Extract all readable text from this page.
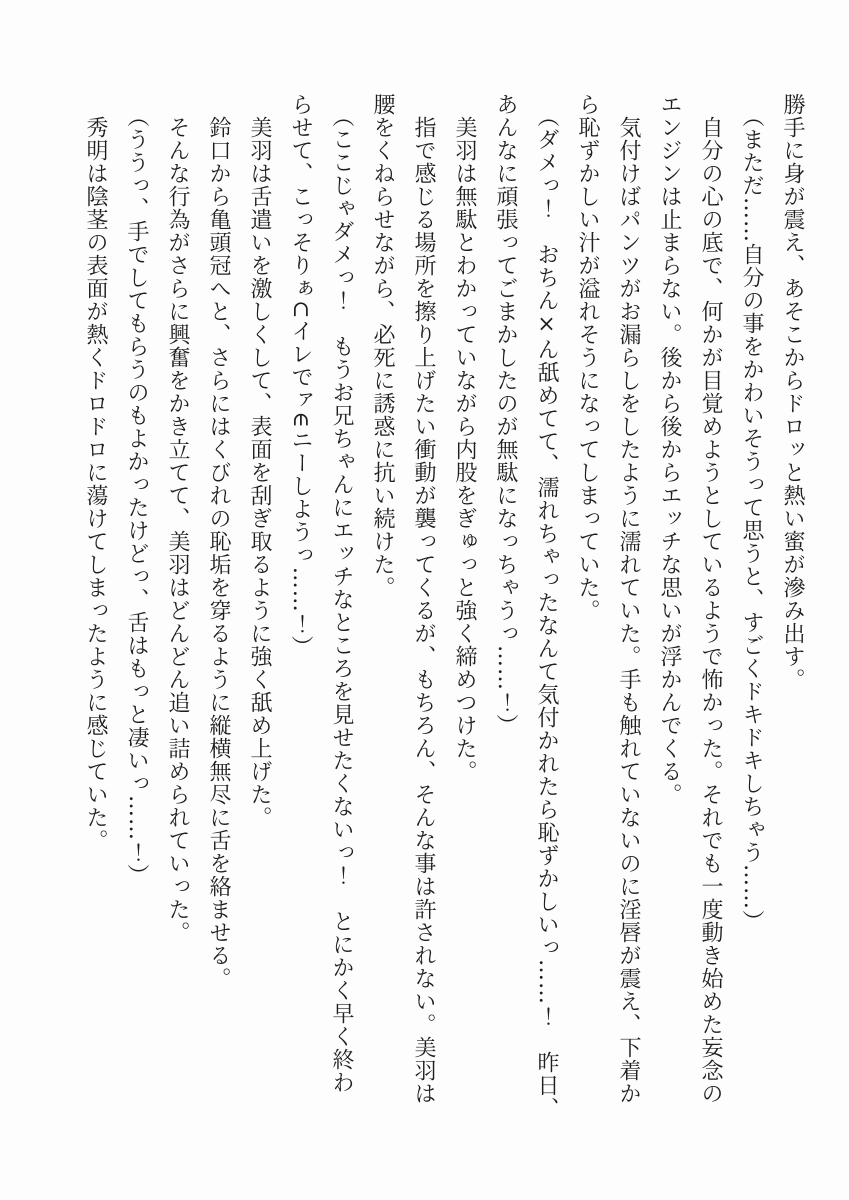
勝手に身が震え、あそこからドロッと熱い蜜が滲み出す。

　（まただ……自分の事をかわいそうって思うと、すごくドキドキしちゃう……）

　自分の心の底で、何かが目覚めようとしているようで怖かった。それでも一度動き始めた妄念の

エンジンは止まらない。後から後からエッチな思いが浮かんでくる。

　気付けばパンツがお漏らしをしたように濡れていた。手も触れていないのに淫唇が震え、下着か

ら恥ずかしい汁が溢れそうになってしまっていた。

　（ダメっ！　おちん×ん舐めてて、濡れちゃったなんて気付かれたら恥ずかしいっ……！　昨日、

あんなに頑張ってごまかしたのが無駄になっちゃうっ……！）

　美羽は無駄とわかっていながら内股をぎゅっと強く締めつけた。

　指で感じる場所を擦り上げたい衝動が襲ってくるが、もちろん、そんな事は許されない。美羽は

腰をくねらせながら、必死に誘惑に抗い続けた。

　（ここじゃダメっ！　もうお兄ちゃんにエッチなところを見せたくないっ！　とにかく早く終わ

らせて、こっそりぁ⊂イレでァ∈ニーしようっ……！）

　美羽は舌遣いを激しくして、表面を刮ぎ取るように強く舐め上げた。

　鈴口から亀頭冠へと、さらにはくびれの恥垢を穿るように縦横無尽に舌を絡ませる。

　そんな行為がさらに興奮をかき立てて、美羽はどんどん追い詰められていった。

　（ううっ、手でしてもらうのもよかったけどっ、舌はもっと凄いっ……！）

　秀明は陰茎の表面が熱くドロドロに蕩けてしまったように感じていた。
